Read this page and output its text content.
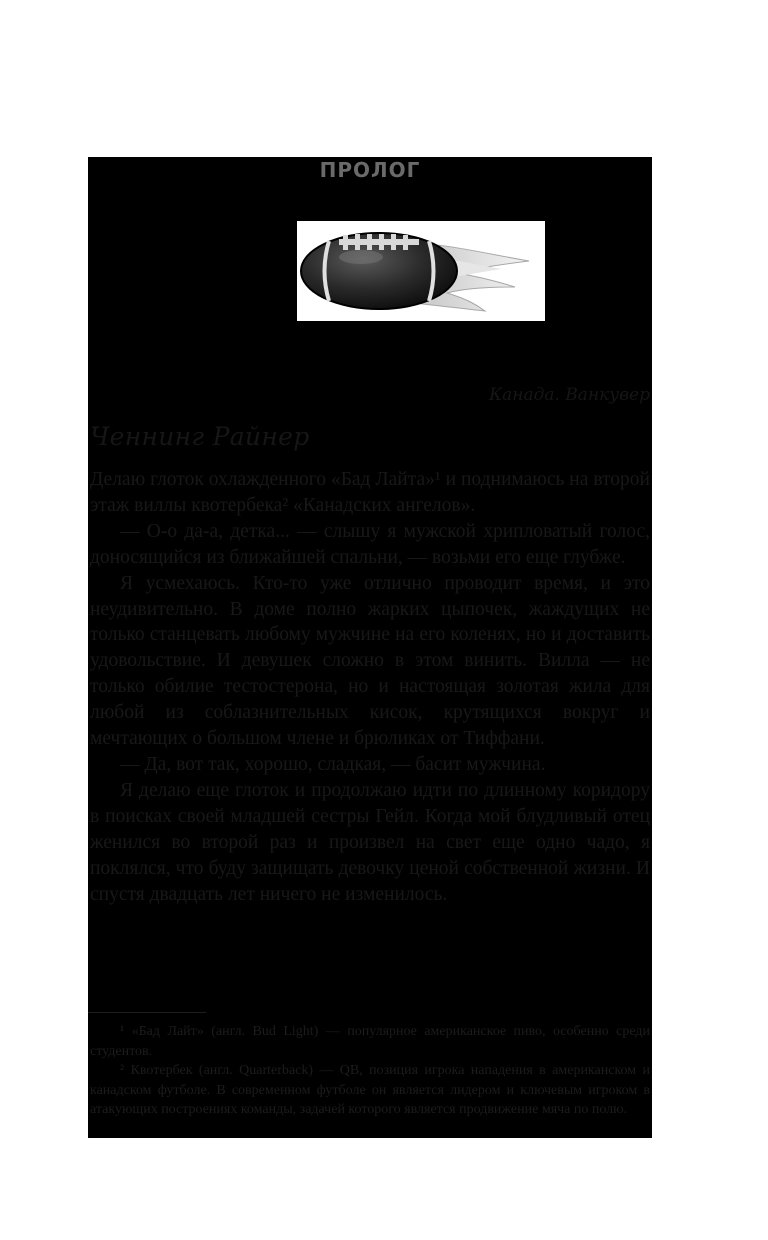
ПРОЛОГ
Канада. Ванкувер
Ченнинг Райнер

Делаю глоток охлажденного «Бад Лайта»¹ и поднимаюсь на второй этаж виллы квотербека² «Канадских ангелов».

— О-о да-а, детка... — слышу я мужской хрипловатый голос, доносящийся из ближайшей спальни, — возьми его еще глубже.

Я усмехаюсь. Кто-то уже отлично проводит время, и это неудивительно. В доме полно жарких цыпочек, жаждущих не только станцевать любому мужчине на его коленях, но и доставить удовольствие. И девушек сложно в этом винить. Вилла — не только обилие тестостерона, но и настоящая золотая жила для любой из соблазнительных кисок, крутящихся вокруг и мечтающих о большом члене и брюликах от Тиффани.

— Да, вот так, хорошо, сладкая, — басит мужчина.

Я делаю еще глоток и продолжаю идти по длинному коридору в поисках своей младшей сестры Гейл. Когда мой блудливый отец женился во второй раз и произвел на свет еще одно чадо, я поклялся, что буду защищать девочку ценой собственной жизни. И спустя двадцать лет ничего не изменилось.

¹ «Бад Лайт» (англ. Bud Light) — популярное американское пиво, особенно среди студентов.

² Квотербек (англ. Quarterback) — QB, позиция игрока нападения в американском и канадском футболе. В современном футболе он является лидером и ключевым игроком в атакующих построениях команды, задачей которого является продвижение мяча по полю.
